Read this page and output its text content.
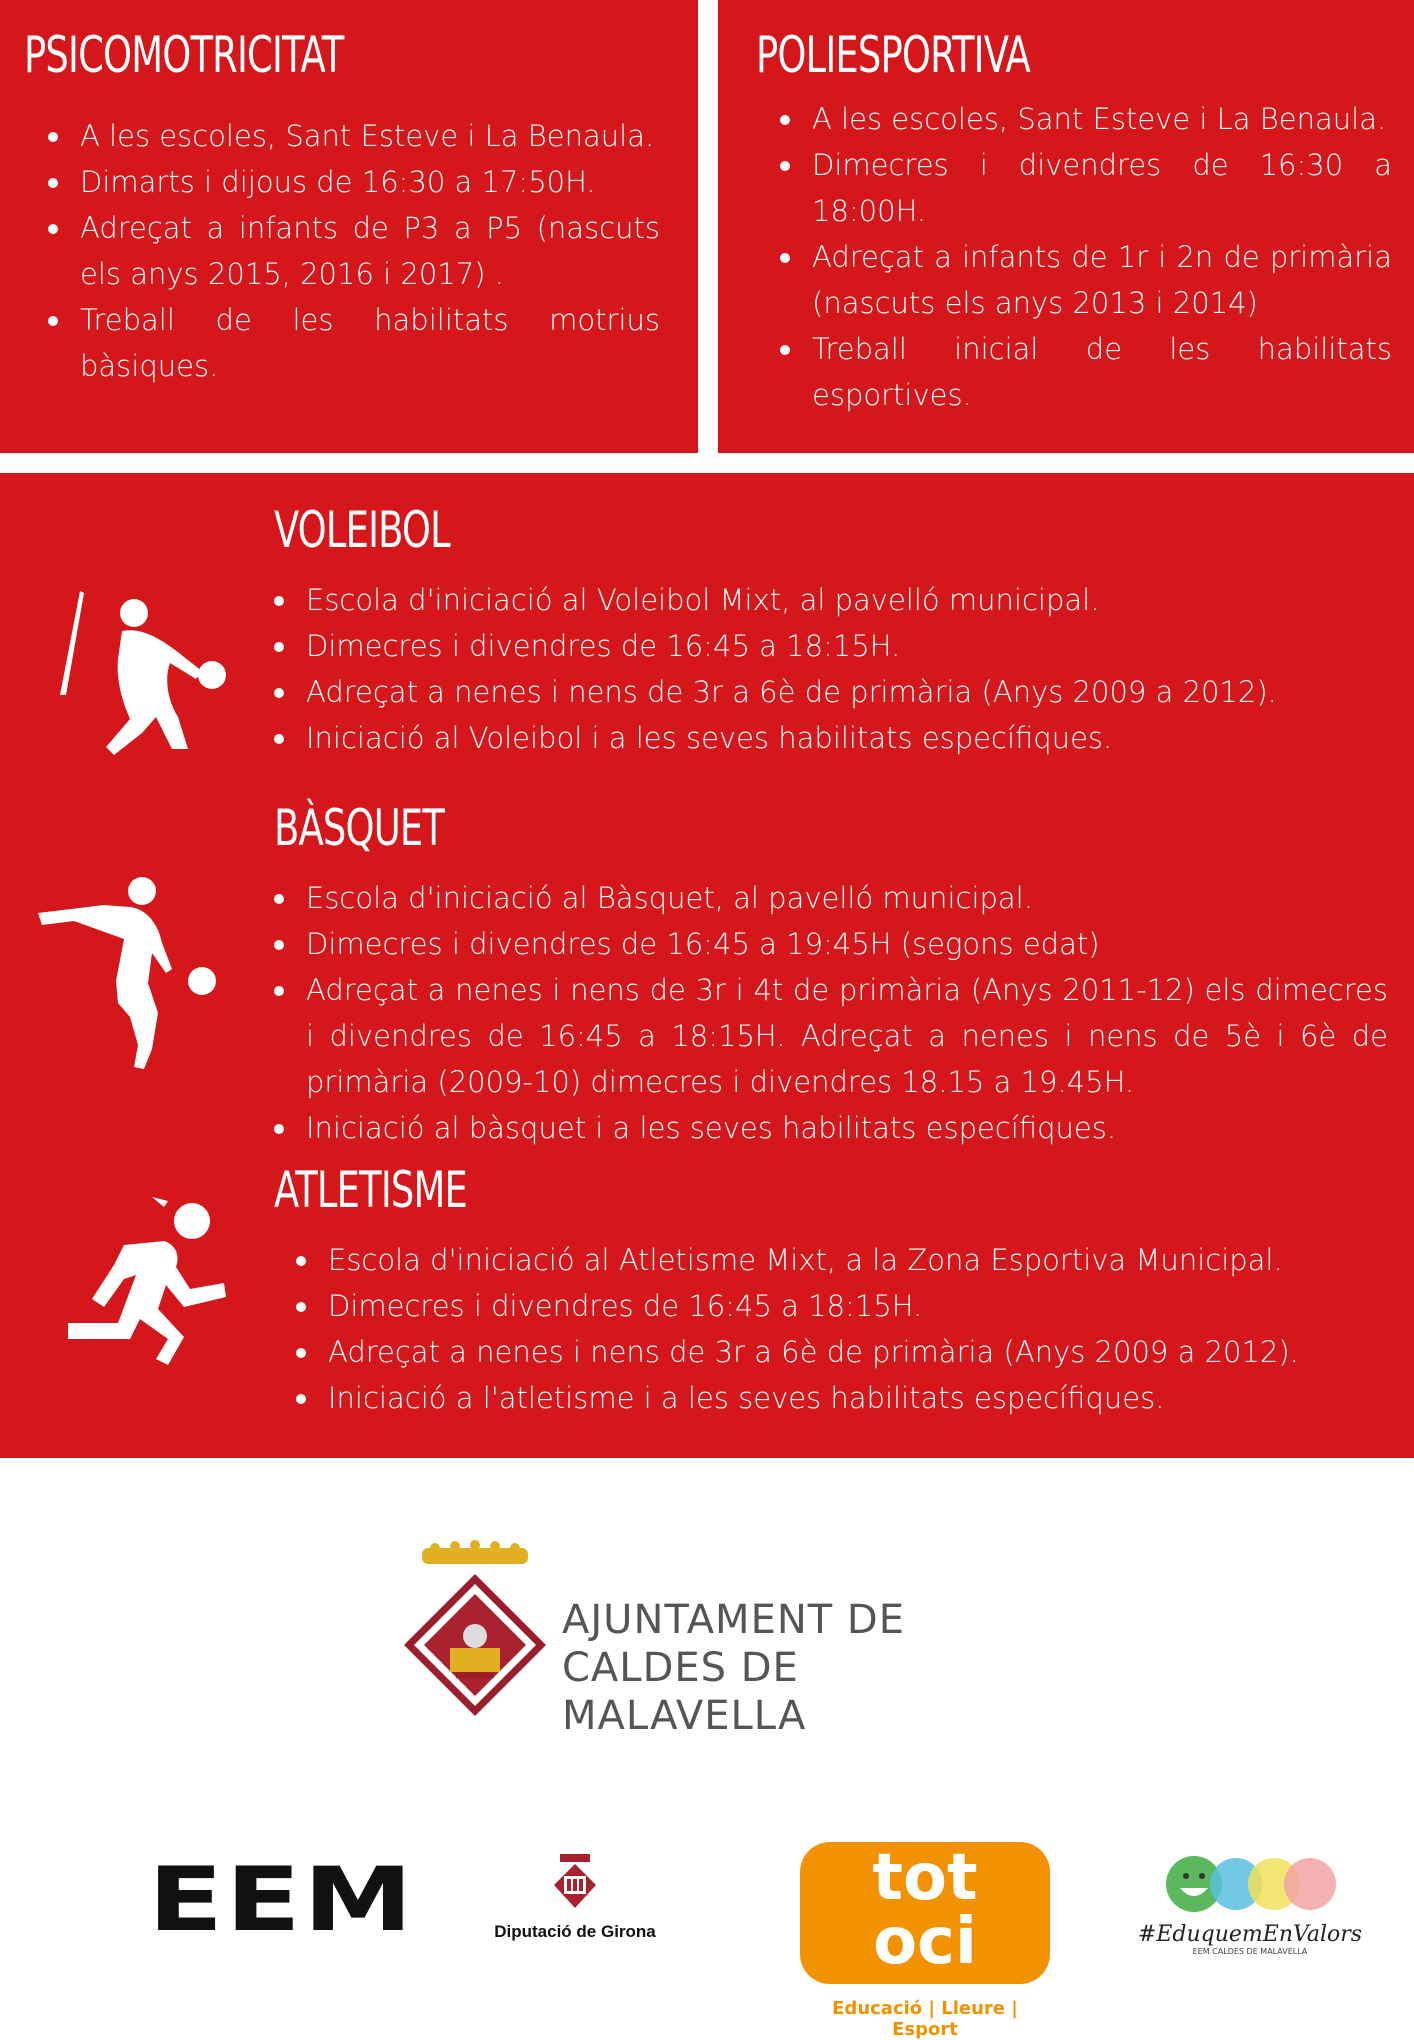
PSICOMOTRICITAT
A les escoles, Sant Esteve i La Benaula.
Dimarts i dijous de 16:30 a 17:50H.
Adreçat a infants de P3 a P5 (nascuts els anys 2015, 2016 i 2017) .
Treball de les habilitats motrius bàsiques.
POLIESPORTIVA
A les escoles, Sant Esteve i La Benaula.
Dimecres i divendres de 16:30 a 18:00H.
Adreçat a infants de 1r i 2n de primària (nascuts els anys 2013 i 2014)
Treball inicial de les habilitats esportives.
VOLEIBOL
Escola d'iniciació al Voleibol Mixt, al pavelló municipal.
Dimecres i divendres de 16:45 a 18:15H.
Adreçat a nenes i nens de 3r a 6è de primària (Anys 2009 a 2012).
Iniciació al Voleibol i a les seves habilitats específiques.
BÀSQUET
Escola d'iniciació al Bàsquet, al pavelló municipal.
Dimecres i divendres de 16:45 a 19:45H (segons edat)
Adreçat a nenes i nens de 3r i 4t de primària (Anys 2011-12) els dimecres i divendres de 16:45 a 18:15H. Adreçat a nenes i nens de 5è i 6è de primària (2009-10) dimecres i divendres 18.15 a 19.45H.
Iniciació al bàsquet i a les seves habilitats específiques.
ATLETISME
Escola d'iniciació al Atletisme Mixt, a la Zona Esportiva Municipal.
Dimecres i divendres de 16:45 a 18:15H.
Adreçat a nenes i nens de 3r a 6è de primària (Anys 2009 a 2012).
Iniciació a l'atletisme i a les seves habilitats específiques.
AJUNTAMENT DE
CALDES DE MALAVELLA
EEM	Diputació de Girona
tot oci
Educació | Lleure | Esport
#EduquemEnValors
EEM CALDES DE MALAVELLA
